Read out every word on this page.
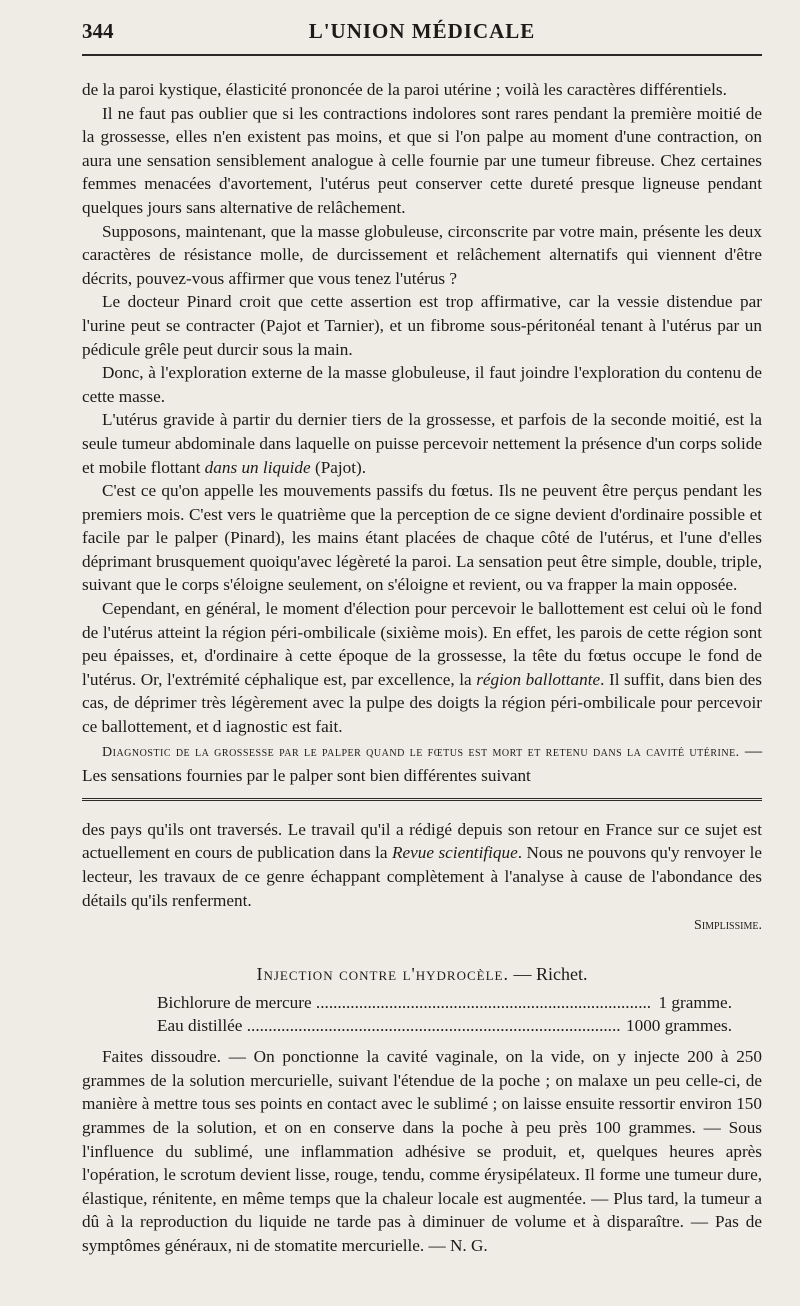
344	L'UNION MÉDICALE

de la paroi kystique, élasticité prononcée de la paroi utérine ; voilà les caractères différentiels.

Il ne faut pas oublier que si les contractions indolores sont rares pendant la première moitié de la grossesse, elles n'en existent pas moins, et que si l'on palpe au moment d'une contraction, on aura une sensation sensiblement analogue à celle fournie par une tumeur fibreuse. Chez certaines femmes menacées d'avortement, l'utérus peut conserver cette dureté presque ligneuse pendant quelques jours sans alternative de relâchement.

Supposons, maintenant, que la masse globuleuse, circonscrite par votre main, présente les deux caractères de résistance molle, de durcissement et relâchement alternatifs qui viennent d'être décrits, pouvez-vous affirmer que vous tenez l'utérus ?

Le docteur Pinard croit que cette assertion est trop affirmative, car la vessie distendue par l'urine peut se contracter (Pajot et Tarnier), et un fibrome sous-péritonéal tenant à l'utérus par un pédicule grêle peut durcir sous la main.

Donc, à l'exploration externe de la masse globuleuse, il faut joindre l'exploration du contenu de cette masse.

L'utérus gravide à partir du dernier tiers de la grossesse, et parfois de la seconde moitié, est la seule tumeur abdominale dans laquelle on puisse percevoir nettement la présence d'un corps solide et mobile flottant dans un liquide (Pajot).

C'est ce qu'on appelle les mouvements passifs du fœtus. Ils ne peuvent être perçus pendant les premiers mois. C'est vers le quatrième que la perception de ce signe devient d'ordinaire possible et facile par le palper (Pinard), les mains étant placées de chaque côté de l'utérus, et l'une d'elles déprimant brusquement quoiqu'avec légèreté la paroi. La sensation peut être simple, double, triple, suivant que le corps s'éloigne seulement, on s'éloigne et revient, ou va frapper la main opposée.

Cependant, en général, le moment d'élection pour percevoir le ballottement est celui où le fond de l'utérus atteint la région péri-ombilicale (sixième mois). En effet, les parois de cette région sont peu épaisses, et, d'ordinaire à cette époque de la grossesse, la tête du fœtus occupe le fond de l'utérus. Or, l'extrémité céphalique est, par excellence, la région ballottante. Il suffit, dans bien des cas, de déprimer très légèrement avec la pulpe des doigts la région péri-ombilicale pour percevoir ce ballottement, et d iagnostic est fait.

Diagnostic de la grossesse par le palper quand le fœtus est mort et retenu dans la cavité utérine. — Les sensations fournies par le palper sont bien différentes suivant

des pays qu'ils ont traversés. Le travail qu'il a rédigé depuis son retour en France sur ce sujet est actuellement en cours de publication dans la Revue scientifique. Nous ne pouvons qu'y renvoyer le lecteur, les travaux de ce genre échappant complètement à l'analyse à cause de l'abondance des détails qu'ils renferment.

Simplissime.
Injection contre l'hydrocèle. — Richet.
Bichlorure de mercure .....	1 gramme.
Eau distillée .....	1000 grammes.

Faites dissoudre. — On ponctionne la cavité vaginale, on la vide, on y injecte 200 à 250 grammes de la solution mercurielle, suivant l'étendue de la poche ; on malaxe un peu celle-ci, de manière à mettre tous ses points en contact avec le sublimé ; on laisse ensuite ressortir environ 150 grammes de la solution, et on en conserve dans la poche à peu près 100 grammes. — Sous l'influence du sublimé, une inflammation adhésive se produit, et, quelques heures après l'opération, le scrotum devient lisse, rouge, tendu, comme érysipélateux. Il forme une tumeur dure, élastique, rénitente, en même temps que la chaleur locale est augmentée. — Plus tard, la tumeur a dû à la reproduction du liquide ne tarde pas à diminuer de volume et à disparaître. — Pas de symptômes généraux, ni de stomatite mercurielle. — N. G.
